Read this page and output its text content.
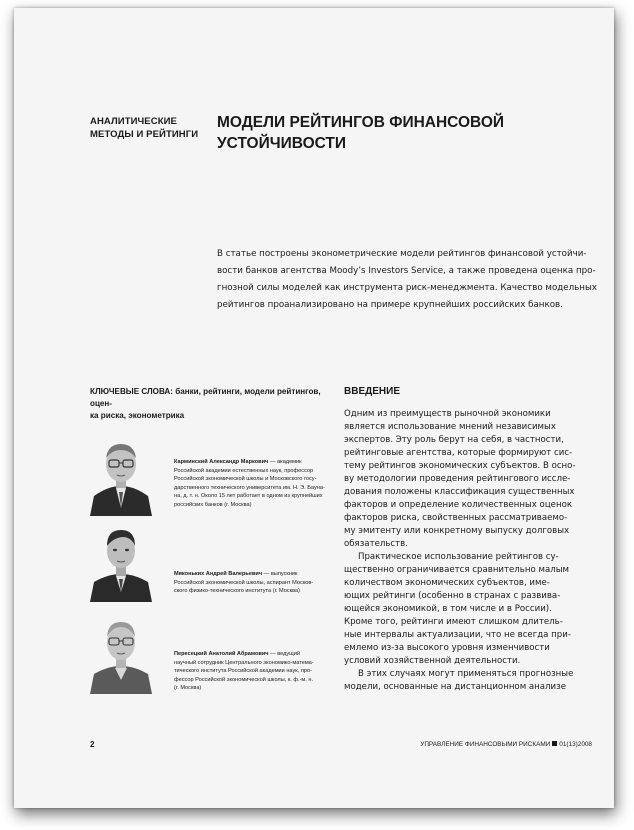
АНАЛИТИЧЕСКИЕ
МЕТОДЫ И РЕЙТИНГИ
МОДЕЛИ РЕЙТИНГОВ ФИНАНСОВОЙ
УСТОЙЧИВОСТИ
В статье построены эконометрические модели рейтингов финансовой устойчи-
вости банков агентства Moody’s Investors Service, а также проведена оценка про-
гнозной силы моделей как инструмента риск-менеджмента. Качество модельных
рейтингов проанализировано на примере крупнейших российских банков.
КЛЮЧЕВЫЕ СЛОВА: банки, рейтинги, модели рейтингов, оцен-
ка риска, эконометрика
Карминский Александр Маркович — академик
Российской академии естественных наук, профессор
Российской экономической школы и Московского госу-
дарственного технического университета им. Н. Э. Бауна-
на, д. т. н. Около 15 лет работает в одном из крупнейших
российских банков (г. Москва)
Мяконьких Андрей Валерьевич — выпускник
Российской экономической школы, аспирант Москов-
ского физико-технического института (г. Москва)
Пересецкий Анатолий Абрамович — ведущий
научный сотрудник Центрального экономико-матема-
тического института Российской академии наук, про-
фессор Российской экономической школы, к. ф.-м. н.
(г. Москва)
ВВЕДЕНИЕ

Одним из преимуществ рыночной экономики
является использование мнений независимых
экспертов. Эту роль берут на себя, в частности,
рейтинговые агентства, которые формируют сис-
тему рейтингов экономических субъектов. В осно-
ву методологии проведения рейтингового иссле-
дования положены классификация существенных
факторов и определение количественных оценок
факторов риска, свойственных рассматриваемо-
му эмитенту или конкретному выпуску долговых
обязательств.

Практическое использование рейтингов су-
щественно ограничивается сравнительно малым
количеством экономических субъектов, име-
ющих рейтинги (особенно в странах с развива-
ющейся экономикой, в том числе и в России).
Кроме того, рейтинги имеют слишком длитель-
ные интервалы актуализации, что не всегда при-
емлемо из-за высокого уровня изменчивости
условий хозяйственной деятельности.

В этих случаях могут применяться прогнозные
модели, основанные на дистанционном анализе

2	УПРАВЛЕНИЕ ФИНАНСОВЫМИ РИСКАМИ 01(13)2008
